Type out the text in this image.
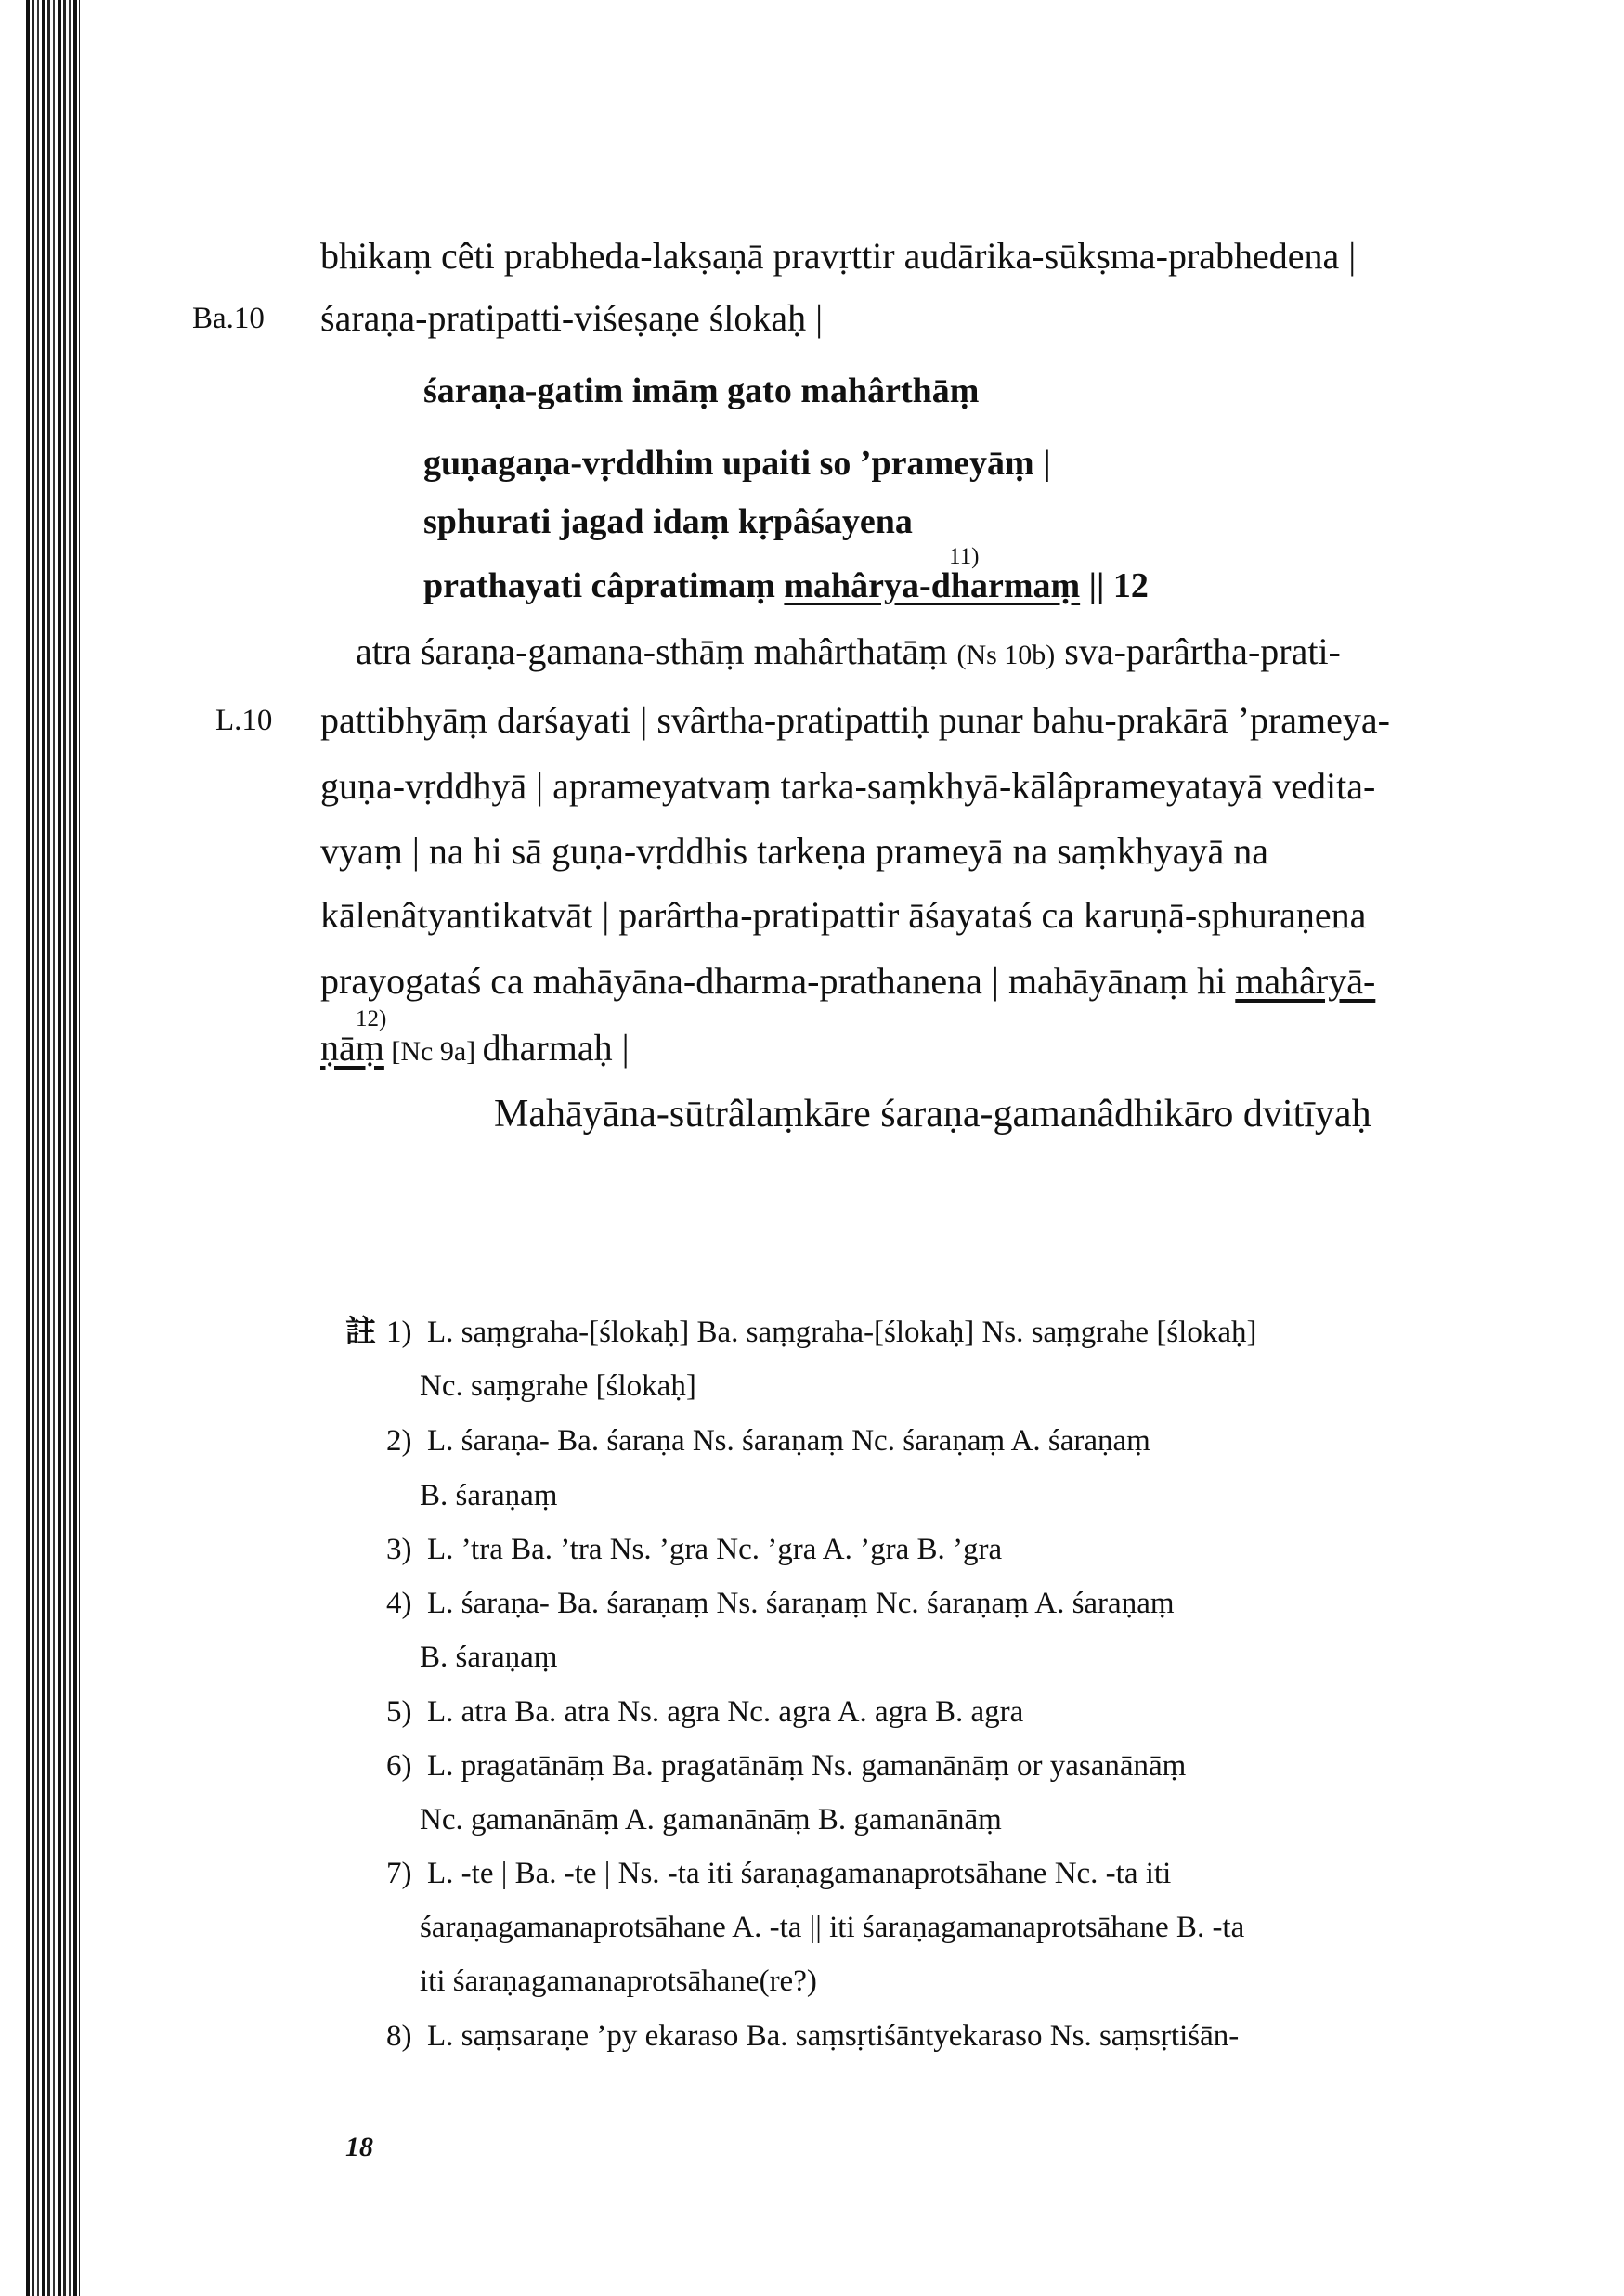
Ba.10
L.10
bhikaṃ cêti prabheda-lakṣaṇā pravṛttir audārika-sūkṣma-prabhedena |
śaraṇa-pratipatti-viśeṣaṇe ślokaḥ |
śaraṇa-gatim imāṃ gato mahârthāṃ
guṇagaṇa-vṛddhim upaiti so ’prameyāṃ |
sphurati jagad idaṃ kṛpâśayena
11)
prathayati câpratimaṃ mahârya-dharmaṃ || 12
atra śaraṇa-gamana-sthāṃ mahârthatāṃ (Ns 10b) sva-parârtha-prati-
pattibhyāṃ darśayati | svârtha-pratipattiḥ punar bahu-prakārā ’prameya-
guṇa-vṛddhyā | aprameyatvaṃ tarka-saṃkhyā-kālâprameyatayā vedita-
vyaṃ | na hi sā guṇa-vṛddhis tarkeṇa prameyā na saṃkhyayā na
kālenâtyantikatvāt | parârtha-pratipattir āśayataś ca karuṇā-sphuraṇena
prayogataś ca mahāyāna-dharma-prathanena | mahāyānaṃ hi mahâryā-
12)
ṇāṃ [Nc 9a] dharmaḥ |
Mahāyāna-sūtrâlaṃkāre śaraṇa-gamanâdhikāro dvitīyaḥ
註 1) L. saṃgraha-[ślokaḥ] Ba. saṃgraha-[ślokaḥ] Ns. saṃgrahe [ślokaḥ]
Nc. saṃgrahe [ślokaḥ]
2) L. śaraṇa- Ba. śaraṇa Ns. śaraṇaṃ Nc. śaraṇaṃ A. śaraṇaṃ
B. śaraṇaṃ
3) L. ’tra Ba. ’tra Ns. ’gra Nc. ’gra A. ’gra B. ’gra
4) L. śaraṇa- Ba. śaraṇaṃ Ns. śaraṇaṃ Nc. śaraṇaṃ A. śaraṇaṃ
B. śaraṇaṃ
5) L. atra Ba. atra Ns. agra Nc. agra A. agra B. agra
6) L. pragatānāṃ Ba. pragatānāṃ Ns. gamanānāṃ or yasanānāṃ
Nc. gamanānāṃ A. gamanānāṃ B. gamanānāṃ
7) L. -te | Ba. -te | Ns. -ta iti śaraṇagamanaprotsāhane Nc. -ta iti
śaraṇagamanaprotsāhane A. -ta || iti śaraṇagamanaprotsāhane B. -ta
iti śaraṇagamanaprotsāhane(re?)
8) L. saṃsaraṇe ’py ekaraso Ba. saṃsṛtiśāntyekaraso Ns. saṃsṛtiśān-
18
